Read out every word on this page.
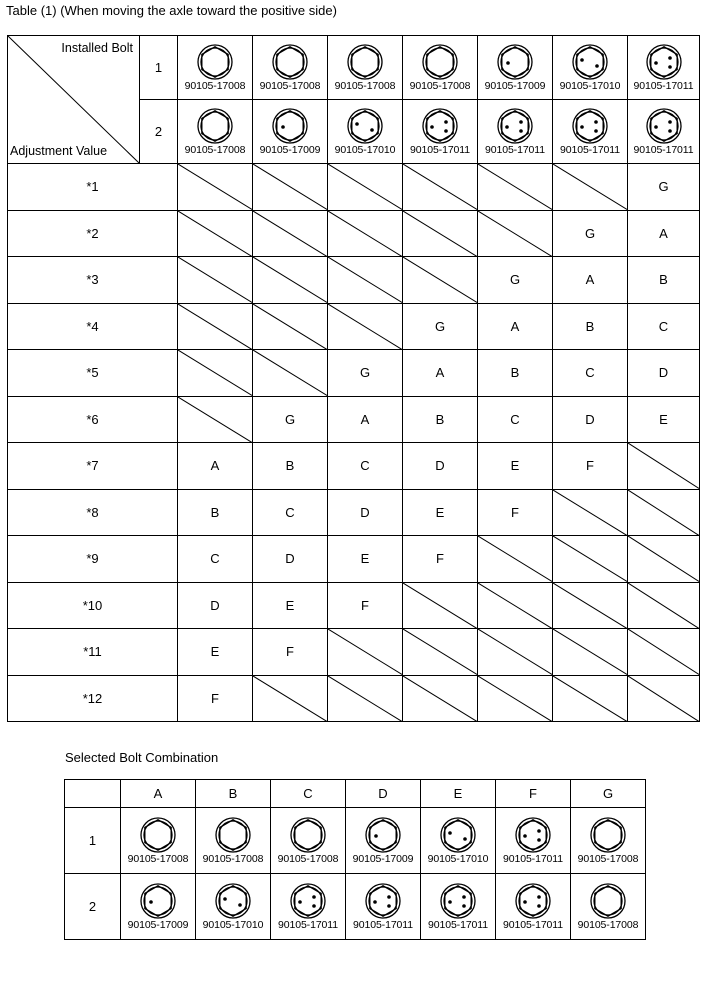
Table (1) (When moving the axle toward the positive side)
Installed Bolt
Adjustment Value	1	90105-17008	90105-17008	90105-17008	90105-17008	90105-17009	90105-17010	90105-17011

	2	90105-17008	90105-17009	90105-17010	90105-17011	90105-17011	90105-17011	90105-17011

*1								G
*2							G	A
*3						G	A	B
*4					G	A	B	C
*5				G	A	B	C	D
*6			G	A	B	C	D	E
*7		A	B	C	D	E	F	

*8		B	C	D	E	F	

*9		C	D	E	F	

*10		D	E	F	

*11		E	F	

*12		F	

Selected Bolt Combination
	A	B	C	D	E	F	G
1	90105-17008	90105-17008	90105-17008	90105-17009	90105-17010	90105-17011	90105-17008

2	90105-17009	90105-17010	90105-17011	90105-17011	90105-17011	90105-17011	90105-17008
